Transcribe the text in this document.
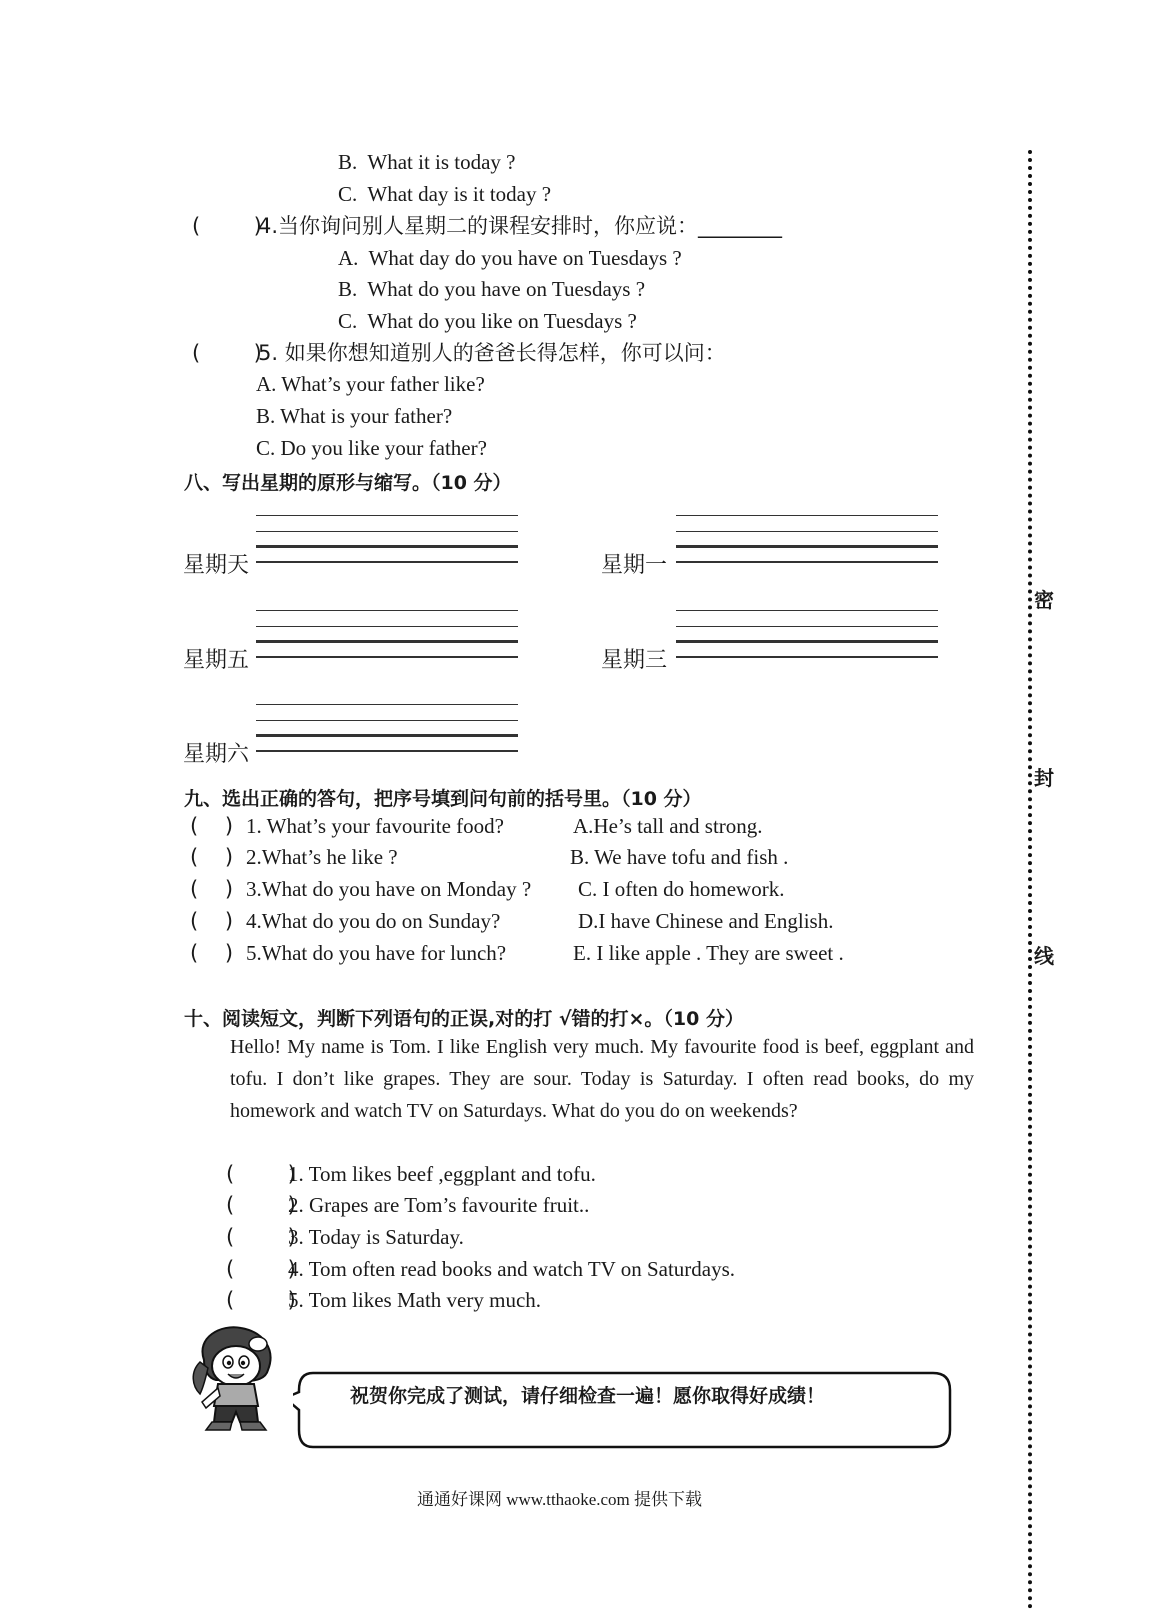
B.  What it is today ?
C.  What day is it today ?
(        )
4.当你询问别人星期二的课程安排时，你应说：________
A.  What day do you have on Tuesdays ?
B.  What do you have on Tuesdays ?
C.  What do you like on Tuesdays ?
(        )
5. 如果你想知道别人的爸爸长得怎样，你可以问：
A. What’s your father like?
B. What is your father?
C. Do you like your father?
八、写出星期的原形与缩写。（10 分）
星期天	星期一
星期五	星期三
星期六
九、选出正确的答句，把序号填到问句前的括号里。（10 分）
(    ) 1. What’s your favourite food?	A.He’s tall and strong.
(    ) 2.What’s he like ?	B. We have tofu and fish .
(    ) 3.What do you have on Monday ? C. I often do homework.
(    ) 4.What do you do on Sunday?	D.I have Chinese and English.
(    ) 5.What do you have for lunch?	E. I like apple . They are sweet .
十、阅读短文，判断下列语句的正误,对的打 √错的打×。（10 分）
Hello! My name is Tom. I like English very much. My favourite food is beef, eggplant and tofu. I don’t like grapes. They are sour. Today is Saturday. I often read books, do my homework and watch TV on Saturdays. What do you do on weekends?
(        )
1. Tom likes beef ,eggplant and tofu.
(        )
2. Grapes are Tom’s favourite fruit..
(        )
3. Today is Saturday.
(        )
4. Tom often read books and watch TV on Saturdays.
(        )
5. Tom likes Math very much.
祝贺你完成了测试，请仔细检查一遍！愿你取得好成绩！
通通好课网 www.tthaoke.com 提供下载
密
封
线
